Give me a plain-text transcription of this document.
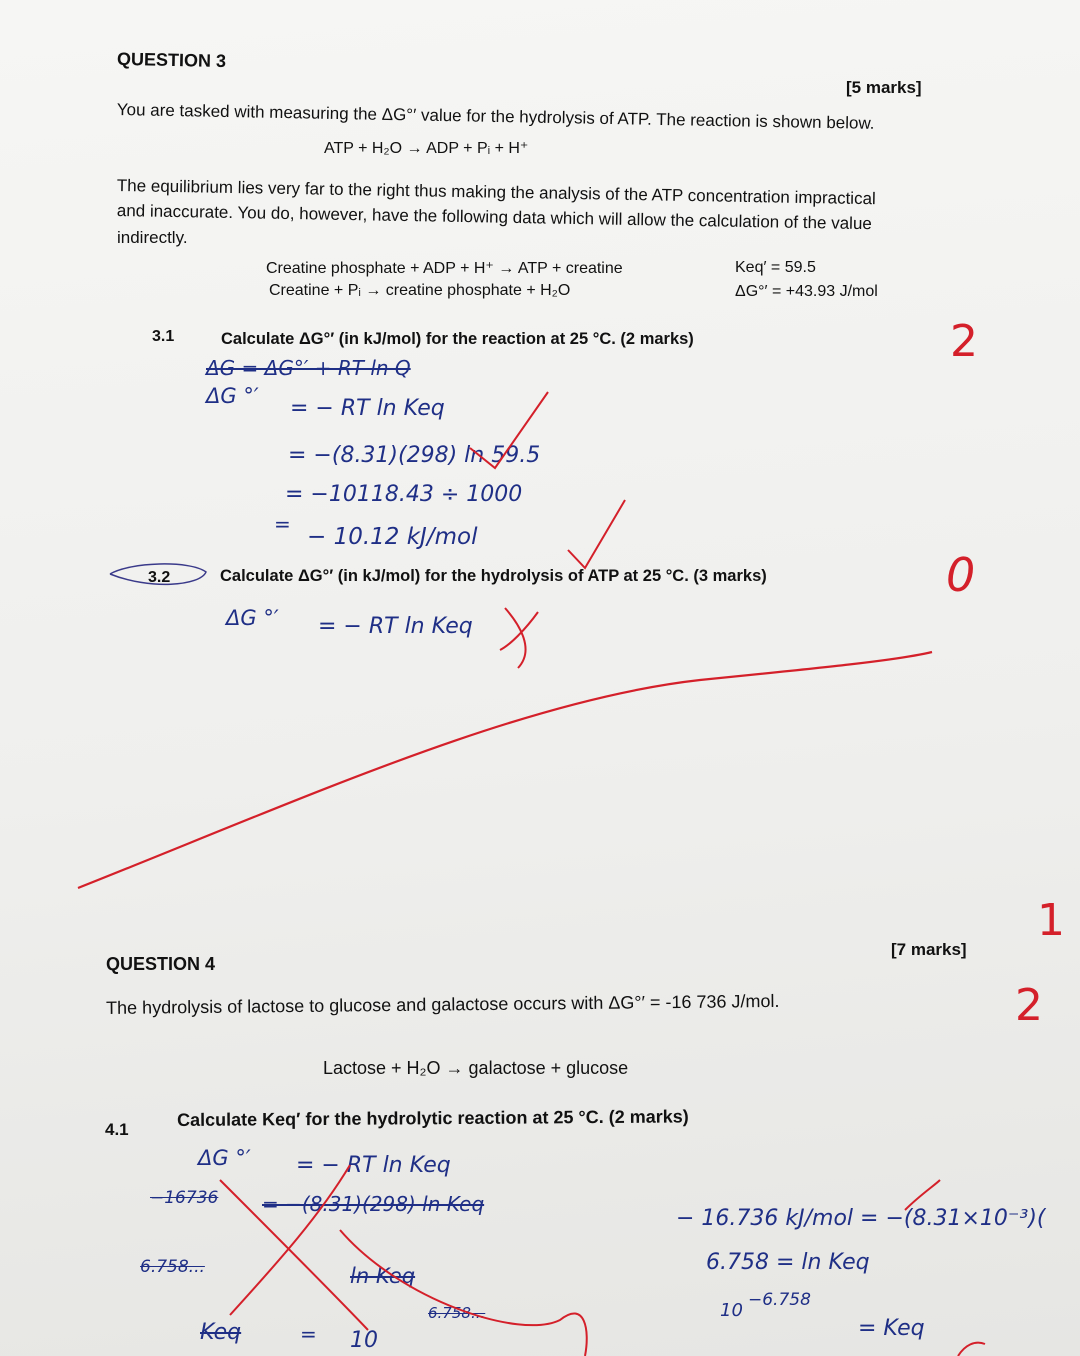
QUESTION 3
[5 marks]
You are tasked with measuring the ΔG°′ value for the hydrolysis of ATP. The reaction is shown below.
ATP + H₂O → ADP + Pᵢ + H⁺
The equilibrium lies very far to the right thus making the analysis of the ATP concentration impractical
and inaccurate. You do, however, have the following data which will allow the calculation of the value
indirectly.
Creatine phosphate + ADP + H⁺ → ATP + creatine	Keq′ = 59.5
Creatine + Pᵢ → creatine phosphate + H₂O	ΔG°′ = +43.93 J/mol
3.1	Calculate ΔG°′ (in kJ/mol) for the reaction at 25 °C. (2 marks)
ΔG = ΔG°′ + RT ln Q
ΔG °′ = − RT ln Keq
= −(8.31)(298) ln 59.5
= −10118.43 ÷ 1000
= − 10.12 kJ/mol
3.2	Calculate ΔG°′ (in kJ/mol) for the hydrolysis of ATP at 25 °C. (3 marks)
ΔG °′ = − RT ln Keq
2
0
1
2
QUESTION 4
[7 marks]
The hydrolysis of lactose to glucose and galactose occurs with ΔG°′ = -16 736 J/mol.
Lactose + H₂O → galactose + glucose
4.1	Calculate Keq′ for the hydrolytic reaction at 25 °C. (2 marks)
ΔG °′ = − RT ln Keq
−16736 = −(8.31)(298) ln Keq
6.758...	ln Keq
Keq	= 10
6.758...
− 16.736 kJ/mol = −(8.31×10⁻³)(
6.758 = ln Keq
10 −6.758
= Keq
